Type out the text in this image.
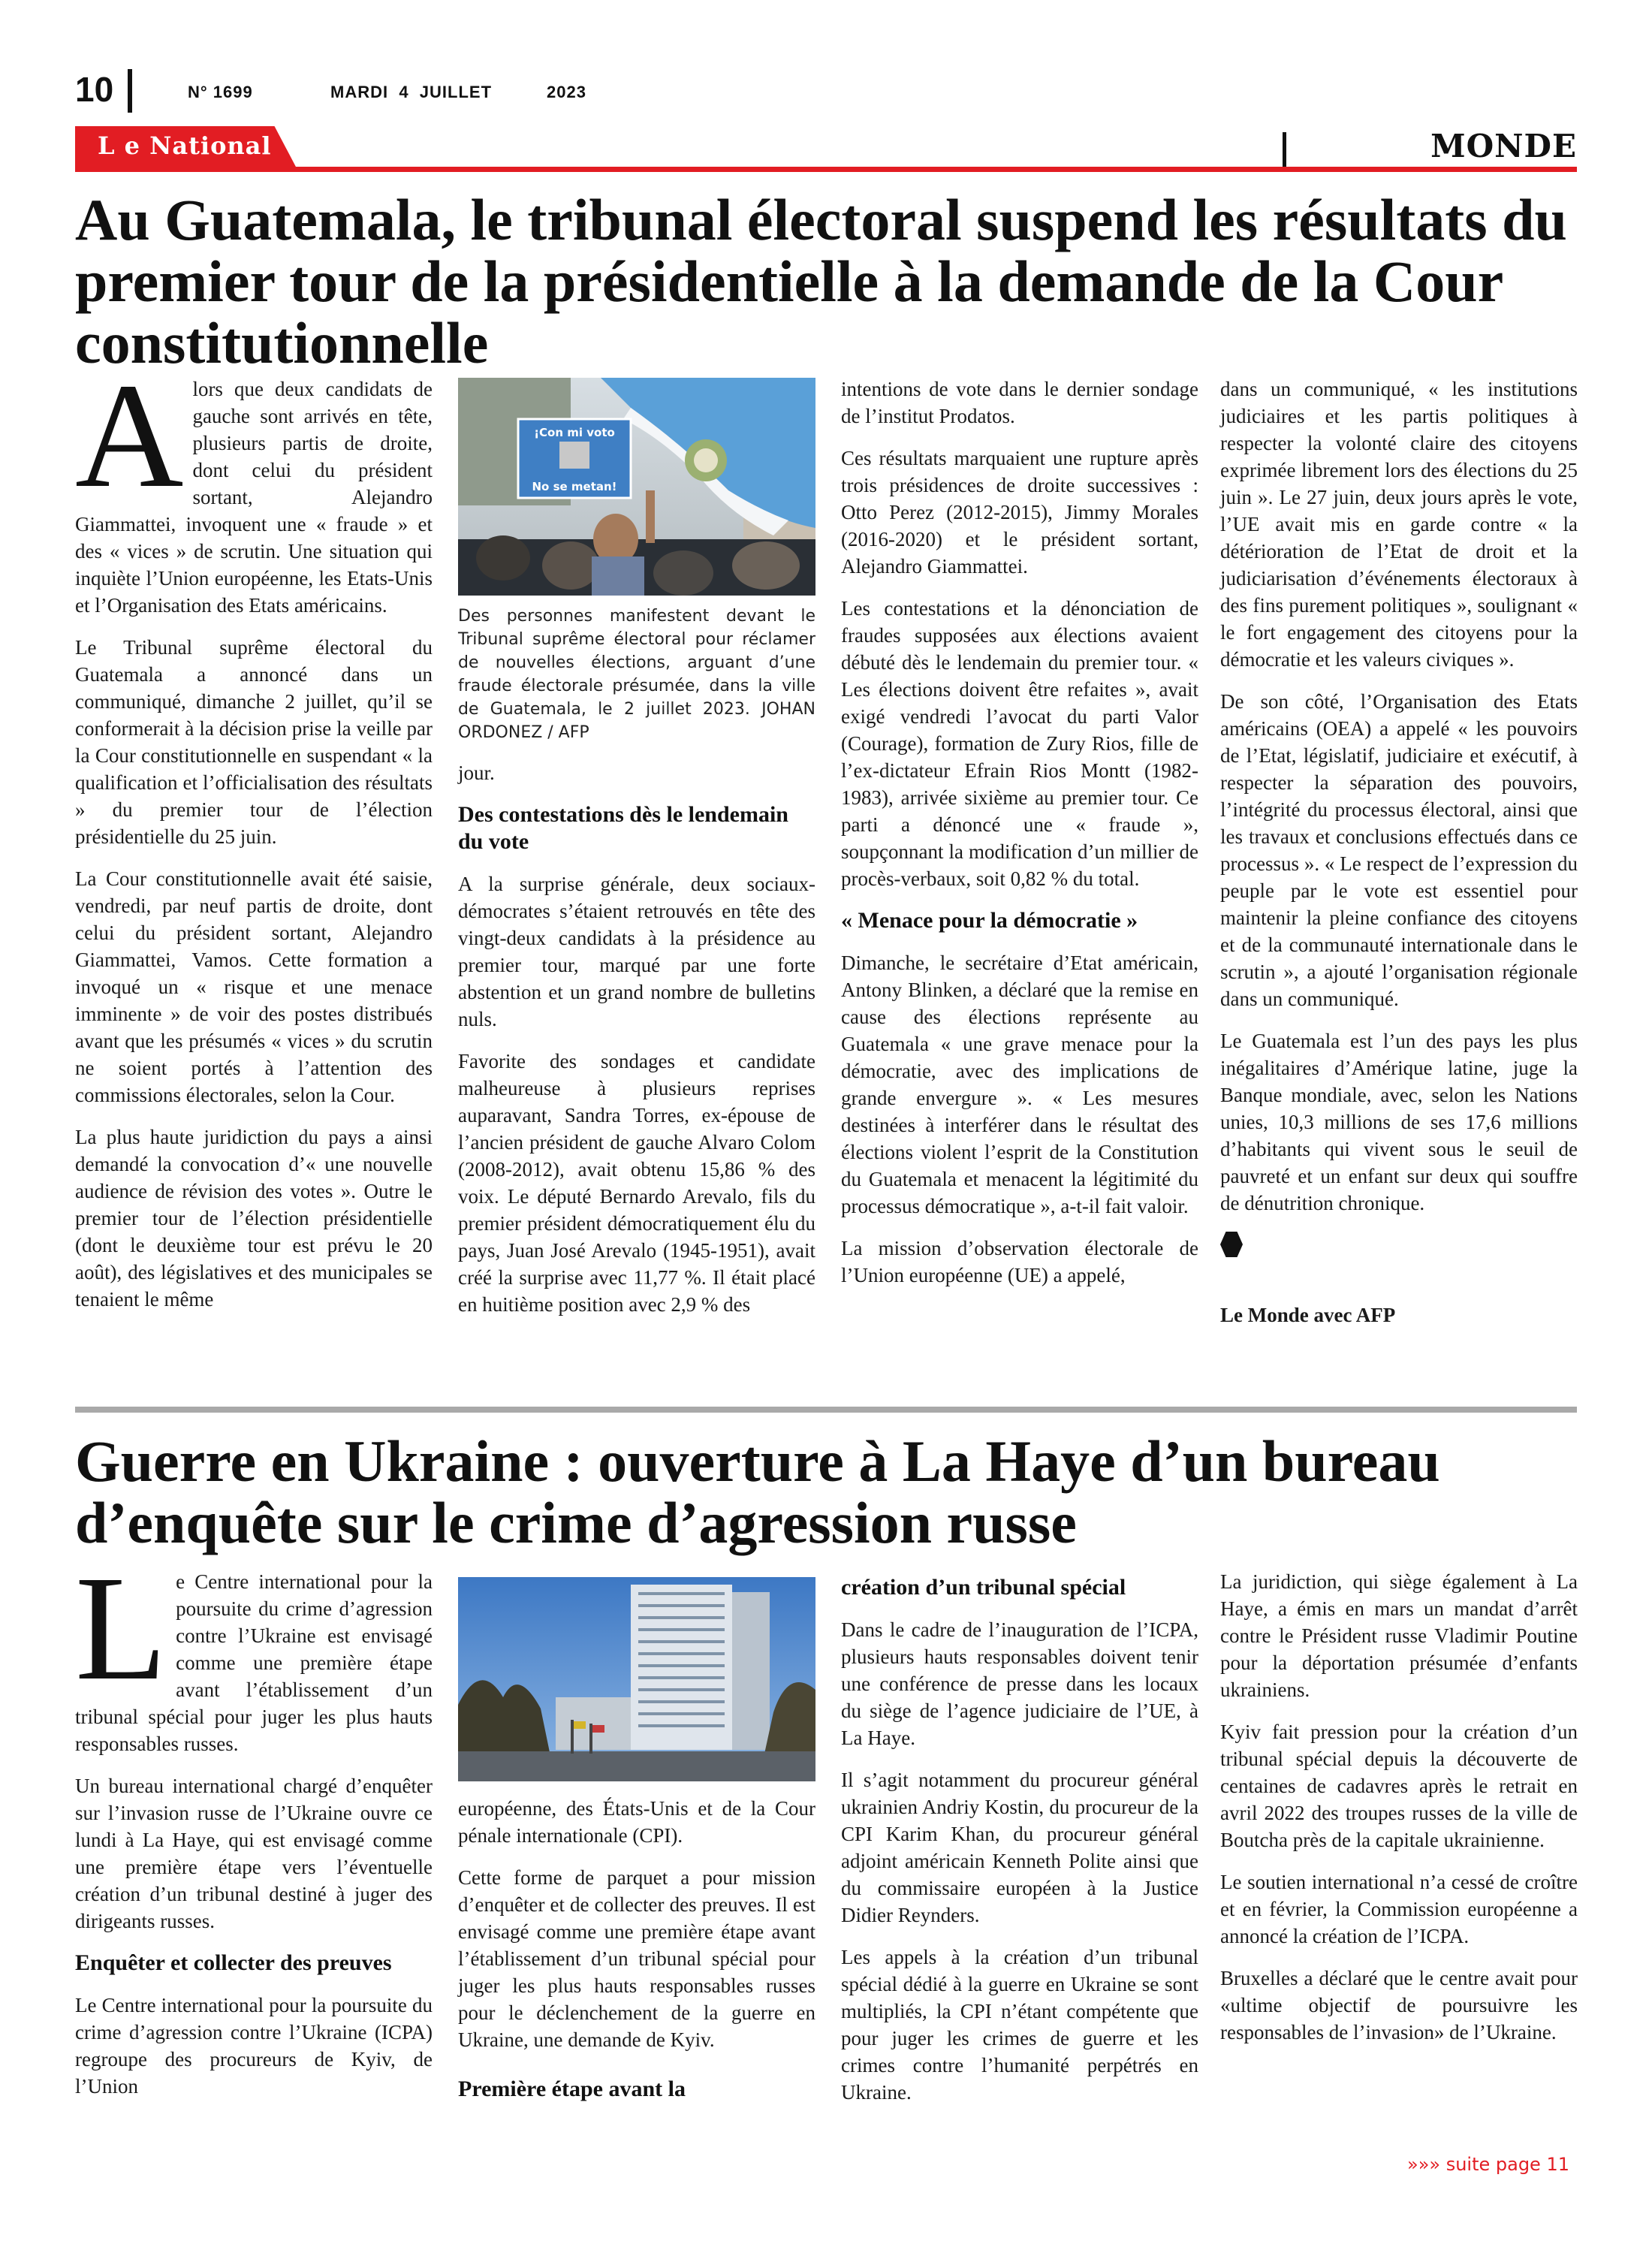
10	N° 1699	MARDI  4  JUILLET	2023
L e National	MONDE
Au Guatemala, le tribunal électoral suspend les résultats du premier tour de la présidentielle à la demande de la Cour constitutionnelle

Alors que deux candidats de gauche sont arrivés en tête, plusieurs partis de droite, dont celui du président sortant, Alejandro Giammattei, invoquent une « fraude » et des « vices » de scrutin. Une situation qui inquiète l’Union européenne, les Etats-Unis et l’Organisation des Etats américains.

Le Tribunal suprême électoral du Guatemala a annoncé dans un communiqué, dimanche 2 juillet, qu’il se conformerait à la décision prise la veille par la Cour constitutionnelle en suspendant « la qualification et l’officialisation des résultats » du premier tour de l’élection présidentielle du 25 juin.

La Cour constitutionnelle avait été saisie, vendredi, par neuf partis de droite, dont celui du président sortant, Alejandro Giammattei, Vamos. Cette formation a invoqué un « risque et une menace imminente » de voir des postes distribués avant que les présumés « vices » du scrutin ne soient portés à l’attention des commissions électorales, selon la Cour.

La plus haute juridiction du pays a ainsi demandé la convocation d’« une nouvelle audience de révision des votes ». Outre le premier tour de l’élection présidentielle (dont le deuxième tour est prévu le 20 août), des législatives et des municipales se tenaient le même

¡Con mi voto
No se metan!
Des personnes manifestent devant le Tribunal suprême électoral pour réclamer de nouvelles élections, arguant d’une fraude électorale présumée, dans la ville de Guatemala, le 2 juillet 2023. JOHAN ORDONEZ / AFP

jour.

Des contestations dès le lendemain du vote

A la surprise générale, deux sociaux-démocrates s’étaient retrouvés en tête des vingt-deux candidats à la présidence au premier tour, marqué par une forte abstention et un grand nombre de bulletins nuls.

Favorite des sondages et candidate malheureuse à plusieurs reprises auparavant, Sandra Torres, ex-épouse de l’ancien président de gauche Alvaro Colom (2008-2012), avait obtenu 15,86 % des voix. Le député Bernardo Arevalo, fils du premier président démocratiquement élu du pays, Juan José Arevalo (1945-1951), avait créé la surprise avec 11,77 %. Il était placé en huitième position avec 2,9 % des

intentions de vote dans le dernier sondage de l’institut Prodatos.

Ces résultats marquaient une rupture après trois présidences de droite successives : Otto Perez (2012-2015), Jimmy Morales (2016-2020) et le président sortant, Alejandro Giammattei.

Les contestations et la dénonciation de fraudes supposées aux élections avaient débuté dès le lendemain du premier tour. « Les élections doivent être refaites », avait exigé vendredi l’avocat du parti Valor (Courage), formation de Zury Rios, fille de l’ex-dictateur Efrain Rios Montt (1982-1983), arrivée sixième au premier tour. Ce parti a dénoncé une « fraude », soupçonnant la modification d’un millier de procès-verbaux, soit 0,82 % du total.

« Menace pour la démocratie »

Dimanche, le secrétaire d’Etat américain, Antony Blinken, a déclaré que la remise en cause des élections représente au Guatemala « une grave menace pour la démocratie, avec des implications de grande envergure ». « Les mesures destinées à interférer dans le résultat des élections violent l’esprit de la Constitution du Guatemala et menacent la légitimité du processus démocratique », a-t-il fait valoir.

La mission d’observation électorale de l’Union européenne (UE) a appelé,

dans un communiqué, « les institutions judiciaires et les partis politiques à respecter la volonté claire des citoyens exprimée librement lors des élections du 25 juin ». Le 27 juin, deux jours après le vote, l’UE avait mis en garde contre « la détérioration de l’Etat de droit et la judiciarisation d’événements électoraux à des fins purement politiques », soulignant « le fort engagement des citoyens pour la démocratie et les valeurs civiques ».

De son côté, l’Organisation des Etats américains (OEA) a appelé « les pouvoirs de l’Etat, législatif, judiciaire et exécutif, à respecter la séparation des pouvoirs, l’intégrité du processus électoral, ainsi que les travaux et conclusions effectués dans ce processus ». « Le respect de l’expression du peuple par le vote est essentiel pour maintenir la pleine confiance des citoyens et de la communauté internationale dans le scrutin », a ajouté l’organisation régionale dans un communiqué.

Le Guatemala est l’un des pays les plus inégalitaires d’Amérique latine, juge la Banque mondiale, avec, selon les Nations unies, 10,3 millions de ses 17,6 millions d’habitants qui vivent sous le seuil de pauvreté et un enfant sur deux qui souffre de dénutrition chronique.

Le Monde avec AFP

Guerre en Ukraine : ouverture à La Haye d’un bureau d’enquête sur le crime d’agression russe

Le Centre international pour la poursuite du crime d’agression contre l’Ukraine est envisagé comme une première étape avant l’établissement d’un tribunal spécial pour juger les plus hauts responsables russes.

Un bureau international chargé d’enquêter sur l’invasion russe de l’Ukraine ouvre ce lundi à La Haye, qui est envisagé comme une première étape vers l’éventuelle création d’un tribunal destiné à juger des dirigeants russes.

Enquêter et collecter des preuves

Le Centre international pour la poursuite du crime d’agression contre l’Ukraine (ICPA) regroupe des procureurs de Kyiv, de l’Union

européenne, des États-Unis et de la Cour pénale internationale (CPI).

Cette forme de parquet a pour mission d’enquêter et de collecter des preuves. Il est envisagé comme une première étape avant l’établissement d’un tribunal spécial pour juger les plus hauts responsables russes pour le déclenchement de la guerre en Ukraine, une demande de Kyiv.

Première étape avant la
création d’un tribunal spécial

Dans le cadre de l’inauguration de l’ICPA, plusieurs hauts responsables doivent tenir une conférence de presse dans les locaux du siège de l’agence judiciaire de l’UE, à La Haye.

Il s’agit notamment du procureur général ukrainien Andriy Kostin, du procureur de la CPI Karim Khan, du procureur général adjoint américain Kenneth Polite ainsi que du commissaire européen à la Justice Didier Reynders.

Les appels à la création d’un tribunal spécial dédié à la guerre en Ukraine se sont multipliés, la CPI n’étant compétente que pour juger les crimes de guerre et les crimes contre l’humanité perpétrés en Ukraine.

La juridiction, qui siège également à La Haye, a émis en mars un mandat d’arrêt contre le Président russe Vladimir Poutine pour la déportation présumée d’enfants ukrainiens.

Kyiv fait pression pour la création d’un tribunal spécial depuis la découverte de centaines de cadavres après le retrait en avril 2022 des troupes russes de la ville de Boutcha près de la capitale ukrainienne.

Le soutien international n’a cessé de croître et en février, la Commission européenne a annoncé la création de l’ICPA.

Bruxelles a déclaré que le centre avait pour «ultime objectif de poursuivre les responsables de l’invasion» de l’Ukraine.

»»» suite page 11
